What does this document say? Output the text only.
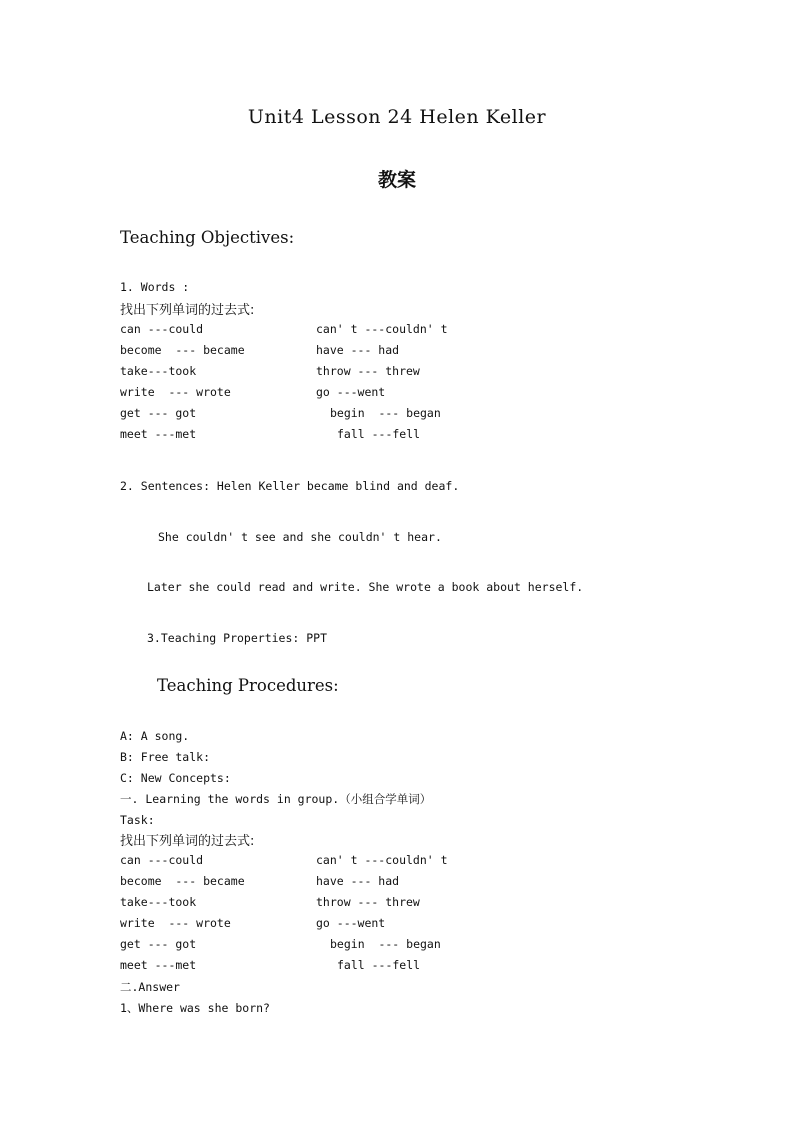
Unit4 Lesson 24 Helen Keller
教案
Teaching Objectives:
1. Words :
找出下列单词的过去式:
can ---could	can' t ---couldn' t
become  --- became	have --- had
take---took	throw --- threw
write  --- wrote	go ---went
get --- got	begin  --- began
meet ---met	fall ---fell
2. Sentences: Helen Keller became blind and deaf.
She couldn' t see and she couldn' t hear.
Later she could read and write. She wrote a book about herself.
3.Teaching Properties: PPT
Teaching Procedures:
A: A song.
B: Free talk:
C: New Concepts:
一. Learning the words in group.（小组合学单词）
Task:
找出下列单词的过去式:
can ---could	can' t ---couldn' t
become  --- became	have --- had
take---took	throw --- threw
write  --- wrote	go ---went
get --- got	begin  --- began
meet ---met	fall ---fell
二.Answer
1、Where was she born?
